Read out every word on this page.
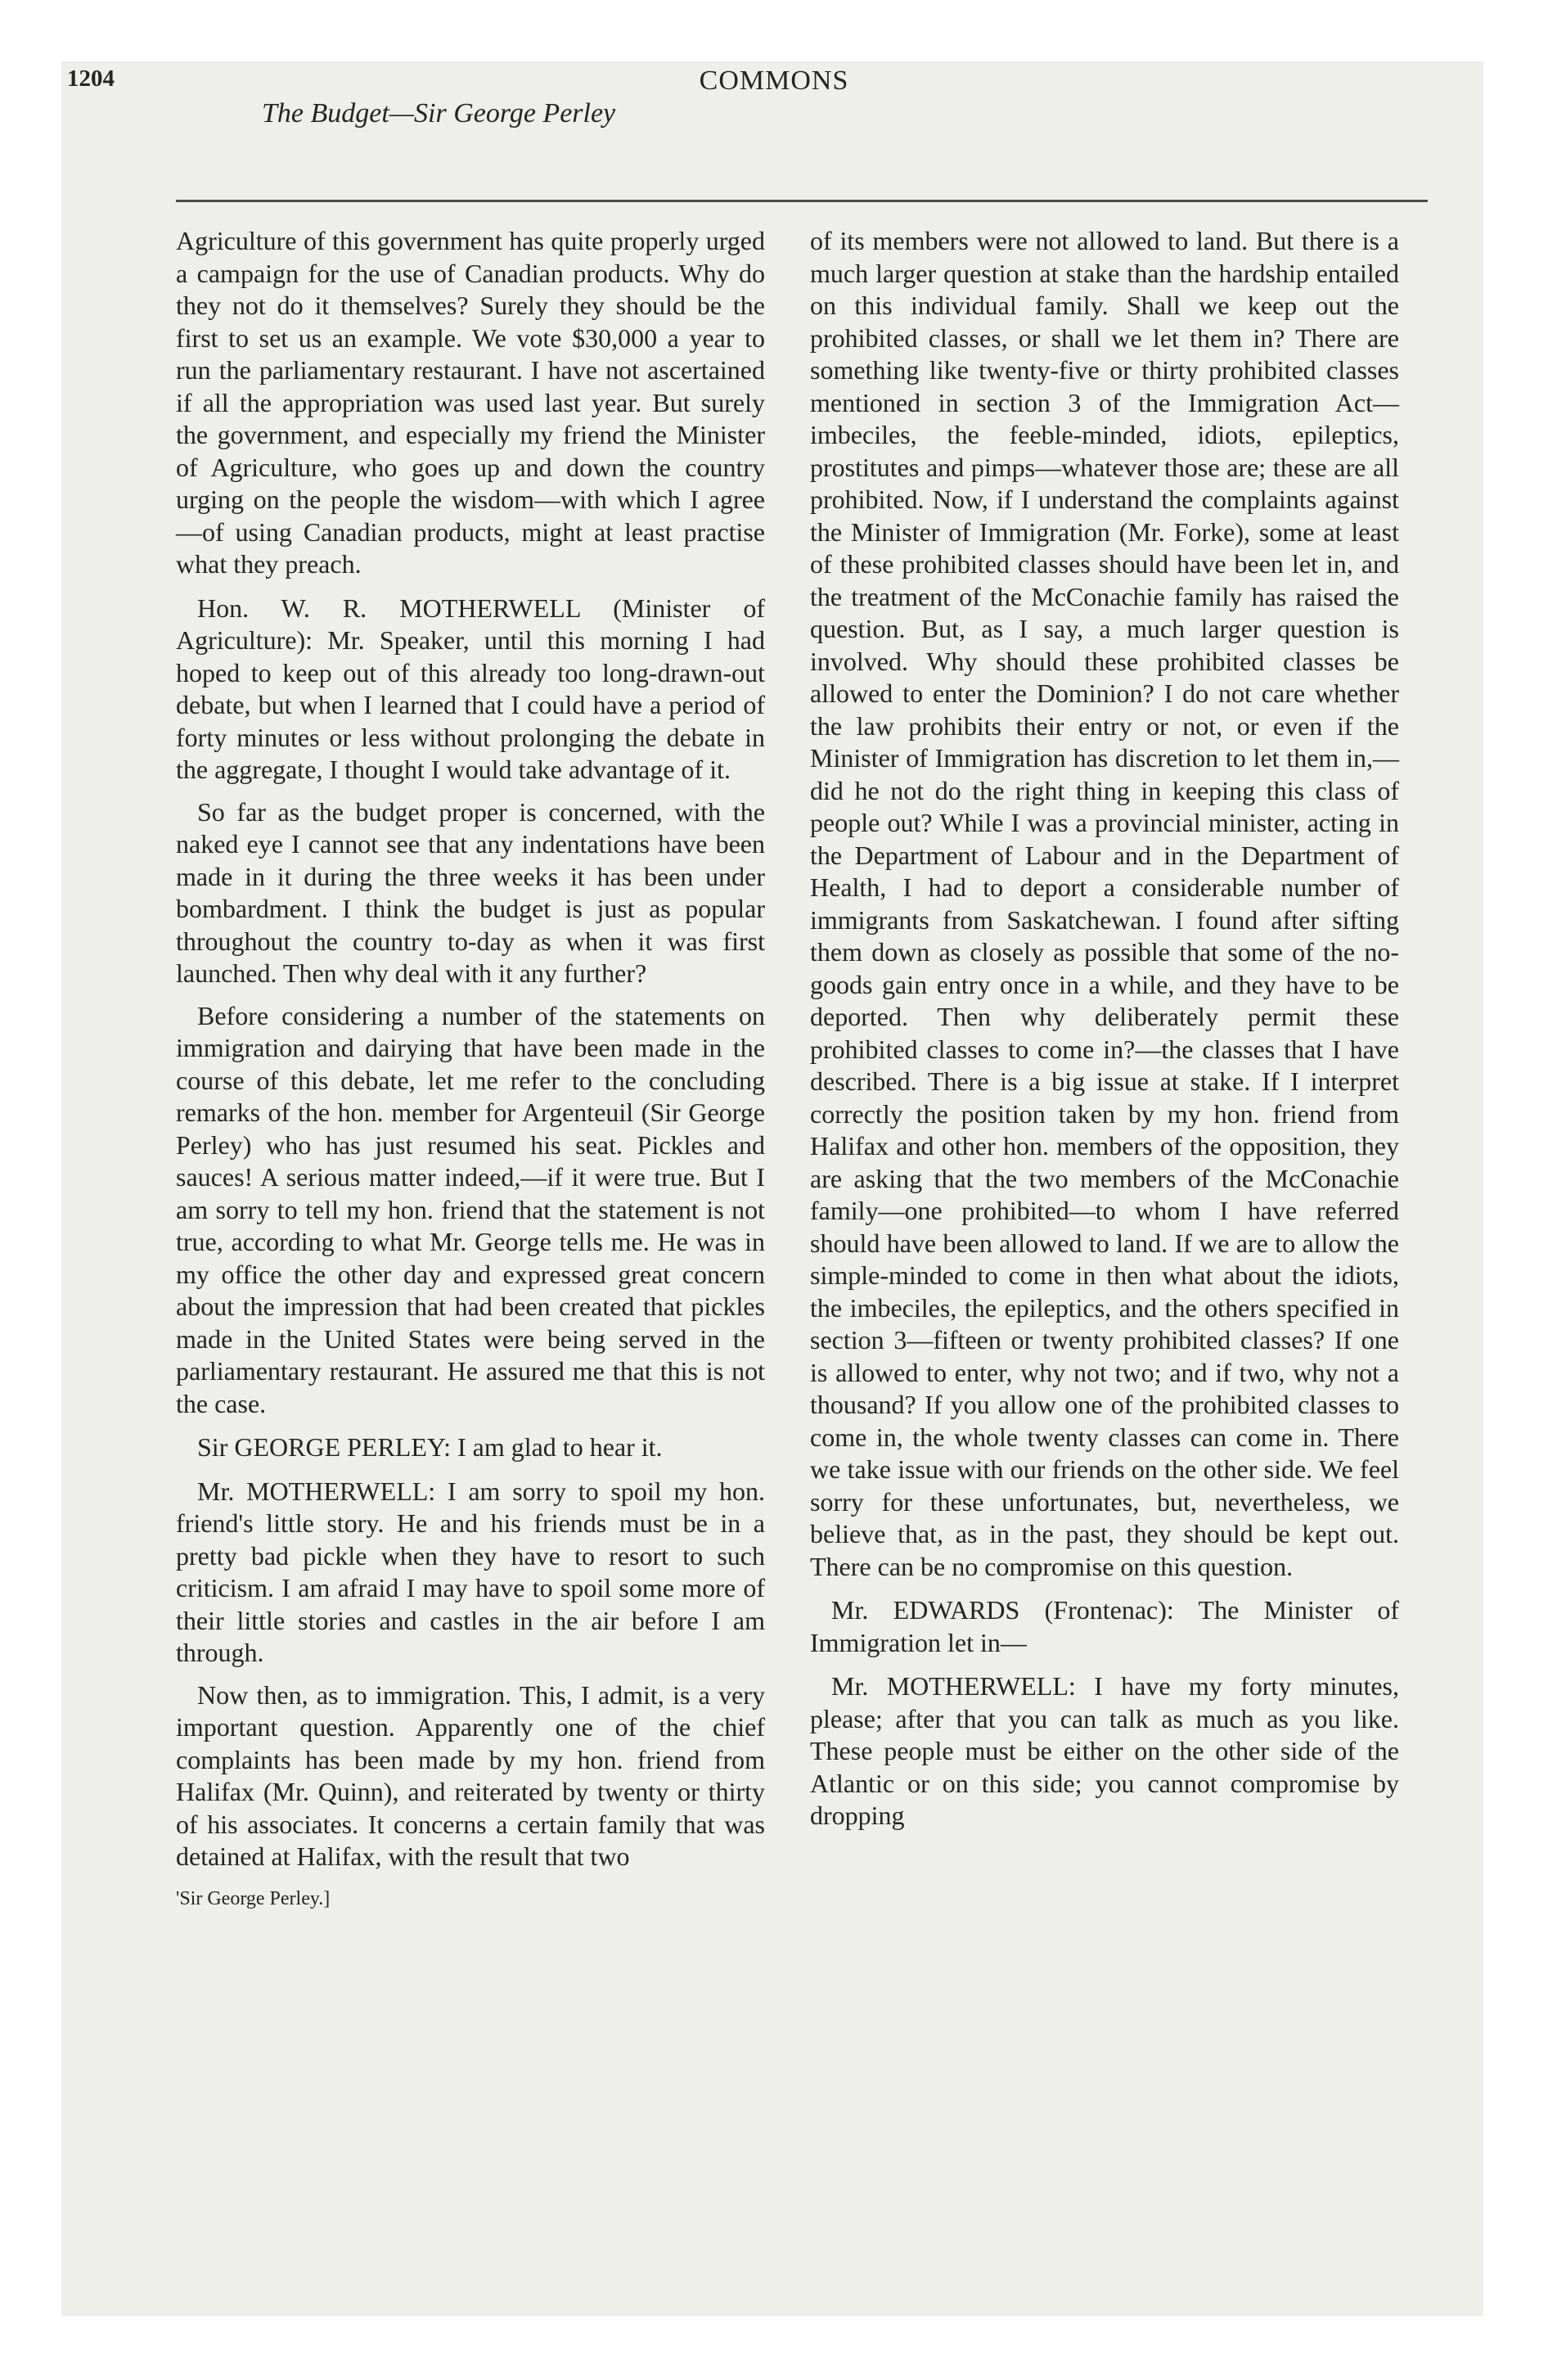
1204	COMMONS
The Budget—Sir George Perley

Agriculture of this government has quite properly urged a campaign for the use of Canadian products. Why do they not do it themselves? Surely they should be the first to set us an example. We vote $30,000 a year to run the parliamentary restaurant. I have not ascertained if all the appropriation was used last year. But surely the government, and especially my friend the Minister of Agriculture, who goes up and down the country urging on the people the wisdom—with which I agree—of using Canadian products, might at least practise what they preach.

Hon. W. R. MOTHERWELL (Minister of Agriculture): Mr. Speaker, until this morning I had hoped to keep out of this already too long-drawn-out debate, but when I learned that I could have a period of forty minutes or less without prolonging the debate in the aggregate, I thought I would take advantage of it.

So far as the budget proper is concerned, with the naked eye I cannot see that any indentations have been made in it during the three weeks it has been under bombardment. I think the budget is just as popular throughout the country to-day as when it was first launched. Then why deal with it any further?

Before considering a number of the statements on immigration and dairying that have been made in the course of this debate, let me refer to the concluding remarks of the hon. member for Argenteuil (Sir George Perley) who has just resumed his seat. Pickles and sauces! A serious matter indeed,—if it were true. But I am sorry to tell my hon. friend that the statement is not true, according to what Mr. George tells me. He was in my office the other day and expressed great concern about the impression that had been created that pickles made in the United States were being served in the parliamentary restaurant. He assured me that this is not the case.

Sir GEORGE PERLEY: I am glad to hear it.

Mr. MOTHERWELL: I am sorry to spoil my hon. friend's little story. He and his friends must be in a pretty bad pickle when they have to resort to such criticism. I am afraid I may have to spoil some more of their little stories and castles in the air before I am through.

Now then, as to immigration. This, I admit, is a very important question. Apparently one of the chief complaints has been made by my hon. friend from Halifax (Mr. Quinn), and reiterated by twenty or thirty of his associates. It concerns a certain family that was detained at Halifax, with the result that two

'Sir George Perley.]

of its members were not allowed to land. But there is a much larger question at stake than the hardship entailed on this individual family. Shall we keep out the prohibited classes, or shall we let them in? There are something like twenty-five or thirty prohibited classes mentioned in section 3 of the Immigration Act—imbeciles, the feeble-minded, idiots, epileptics, prostitutes and pimps—whatever those are; these are all prohibited. Now, if I understand the complaints against the Minister of Immigration (Mr. Forke), some at least of these prohibited classes should have been let in, and the treatment of the McConachie family has raised the question. But, as I say, a much larger question is involved. Why should these prohibited classes be allowed to enter the Dominion? I do not care whether the law prohibits their entry or not, or even if the Minister of Immigration has discretion to let them in,—did he not do the right thing in keeping this class of people out? While I was a provincial minister, acting in the Department of Labour and in the Department of Health, I had to deport a considerable number of immigrants from Saskatchewan. I found after sifting them down as closely as possible that some of the no-goods gain entry once in a while, and they have to be deported. Then why deliberately permit these prohibited classes to come in?—the classes that I have described. There is a big issue at stake. If I interpret correctly the position taken by my hon. friend from Halifax and other hon. members of the opposition, they are asking that the two members of the McConachie family—one prohibited—to whom I have referred should have been allowed to land. If we are to allow the simple-minded to come in then what about the idiots, the imbeciles, the epileptics, and the others specified in section 3—fifteen or twenty prohibited classes? If one is allowed to enter, why not two; and if two, why not a thousand? If you allow one of the prohibited classes to come in, the whole twenty classes can come in. There we take issue with our friends on the other side. We feel sorry for these unfortunates, but, nevertheless, we believe that, as in the past, they should be kept out. There can be no compromise on this question.

Mr. EDWARDS (Frontenac): The Minister of Immigration let in—

Mr. MOTHERWELL: I have my forty minutes, please; after that you can talk as much as you like. These people must be either on the other side of the Atlantic or on this side; you cannot compromise by dropping
